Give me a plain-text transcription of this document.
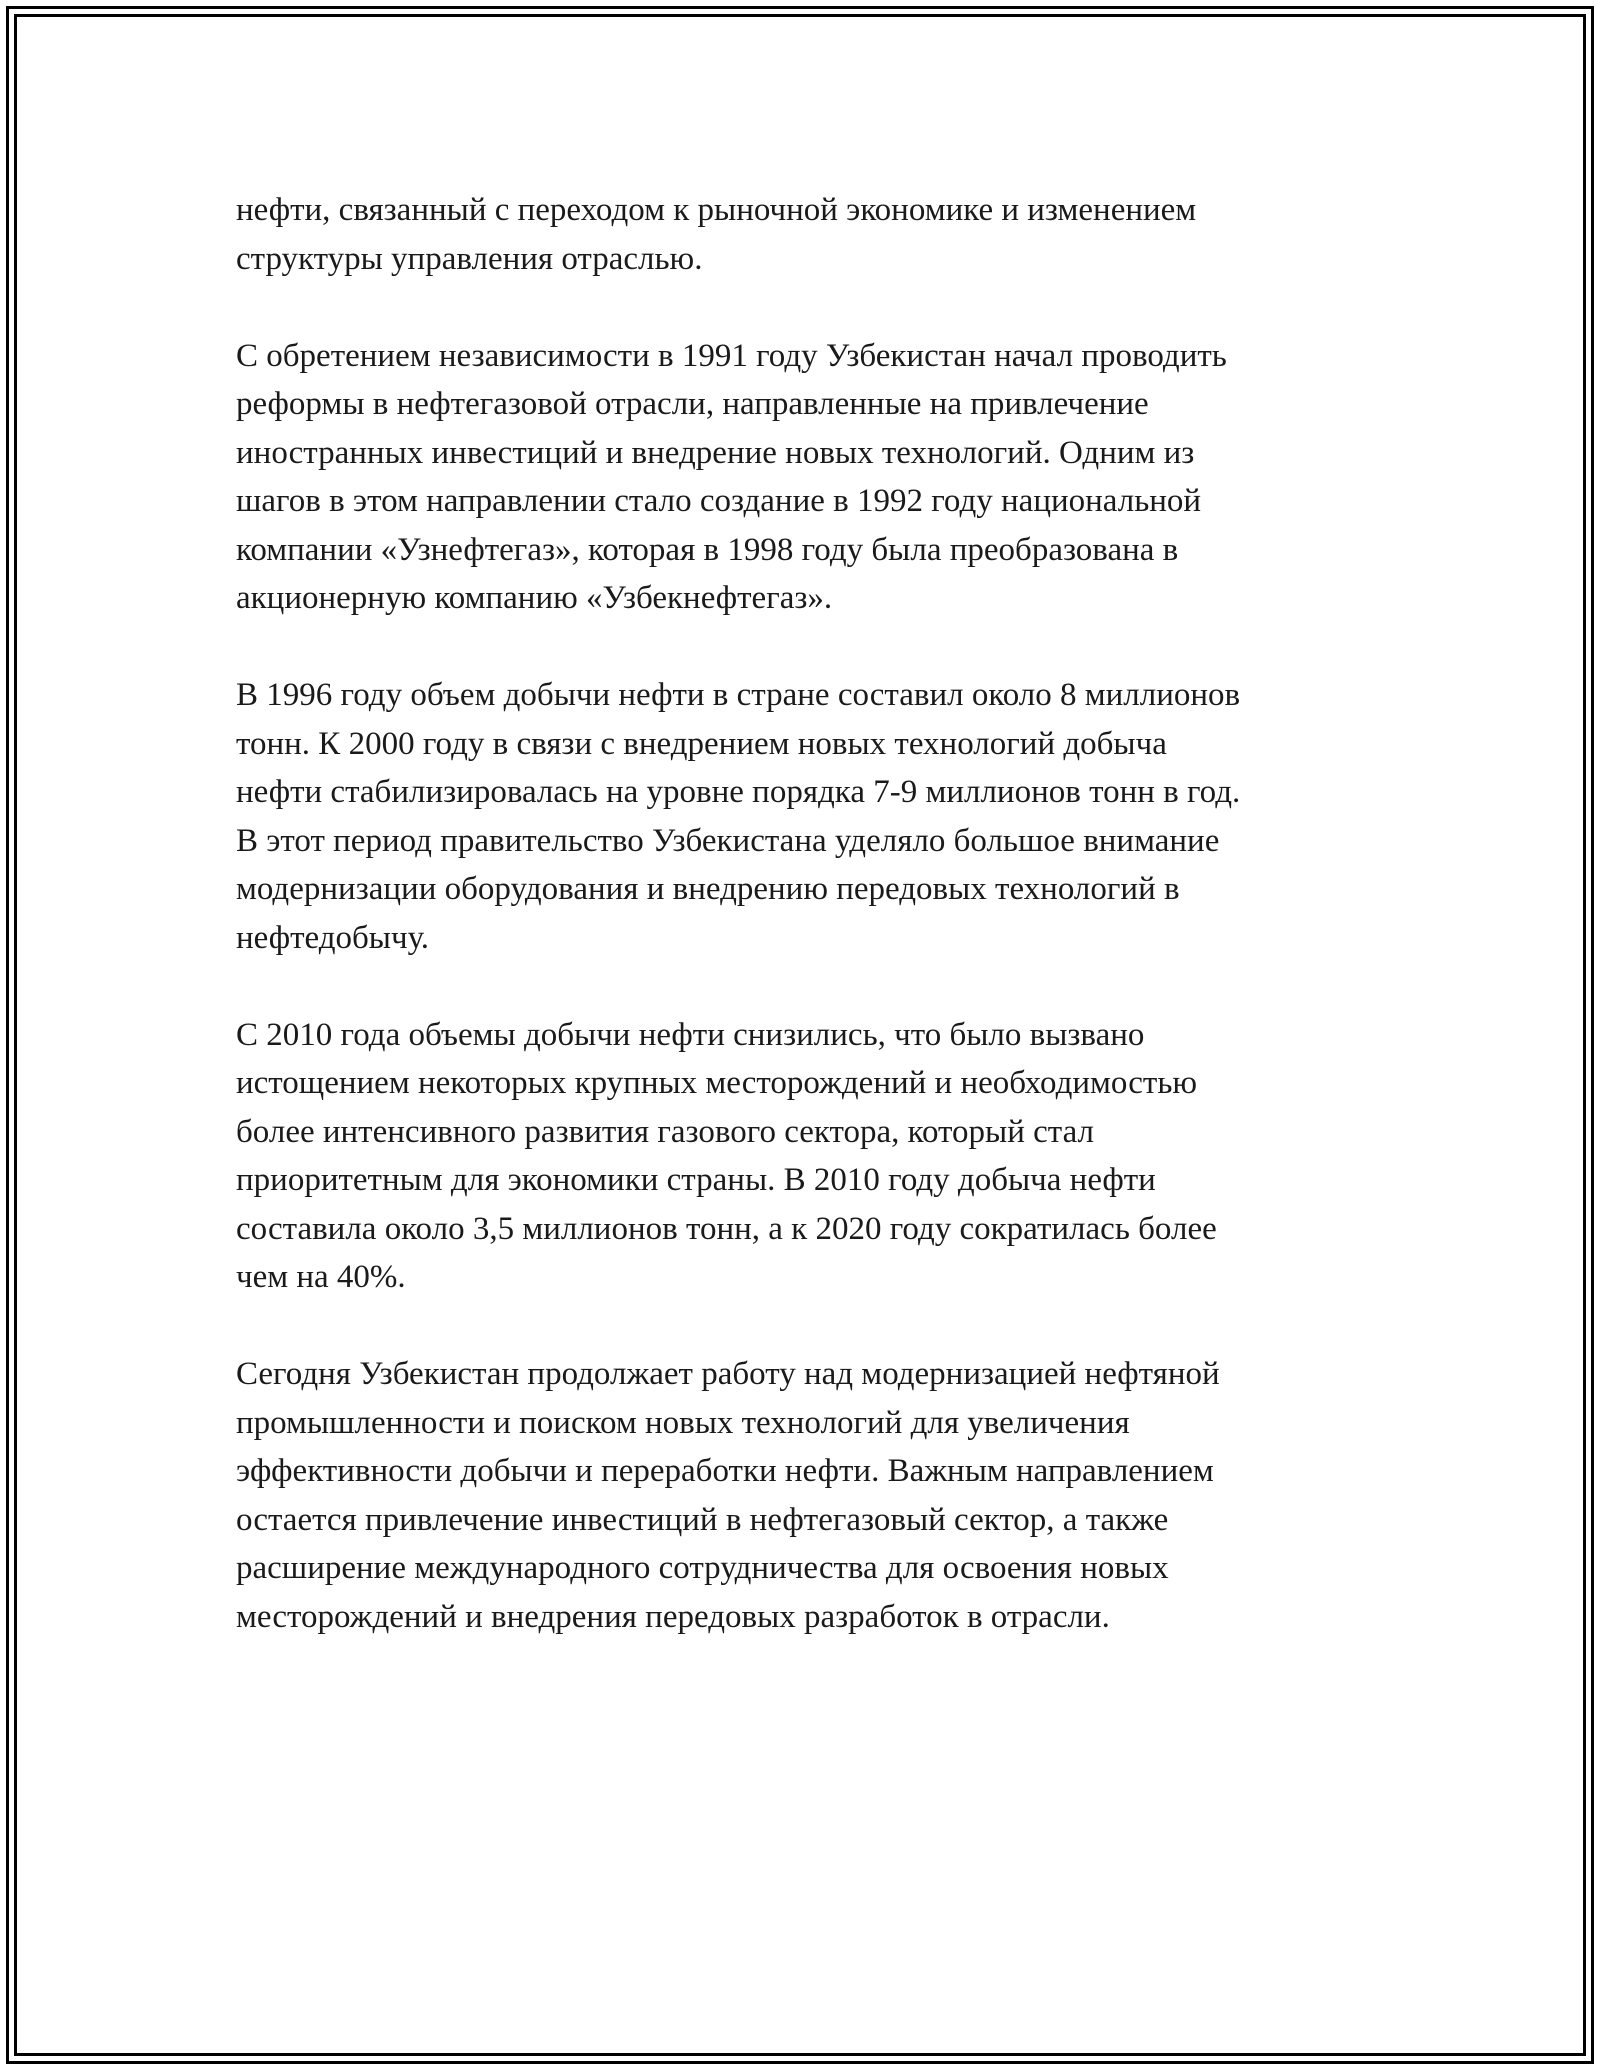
нефти, связанный с переходом к рыночной экономике и изменением
структуры управления отраслью.

С обретением независимости в 1991 году Узбекистан начал проводить
реформы в нефтегазовой отрасли, направленные на привлечение
иностранных инвестиций и внедрение новых технологий. Одним из
шагов в этом направлении стало создание в 1992 году национальной
компании «Узнефтегаз», которая в 1998 году была преобразована в
акционерную компанию «Узбекнефтегаз».

В 1996 году объем добычи нефти в стране составил около 8 миллионов
тонн. К 2000 году в связи с внедрением новых технологий добыча
нефти стабилизировалась на уровне порядка 7-9 миллионов тонн в год.
В этот период правительство Узбекистана уделяло большое внимание
модернизации оборудования и внедрению передовых технологий в
нефтедобычу.

С 2010 года объемы добычи нефти снизились, что было вызвано
истощением некоторых крупных месторождений и необходимостью
более интенсивного развития газового сектора, который стал
приоритетным для экономики страны. В 2010 году добыча нефти
составила около 3,5 миллионов тонн, а к 2020 году сократилась более
чем на 40%.

Сегодня Узбекистан продолжает работу над модернизацией нефтяной
промышленности и поиском новых технологий для увеличения
эффективности добычи и переработки нефти. Важным направлением
остается привлечение инвестиций в нефтегазовый сектор, а также
расширение международного сотрудничества для освоения новых
месторождений и внедрения передовых разработок в отрасли.
